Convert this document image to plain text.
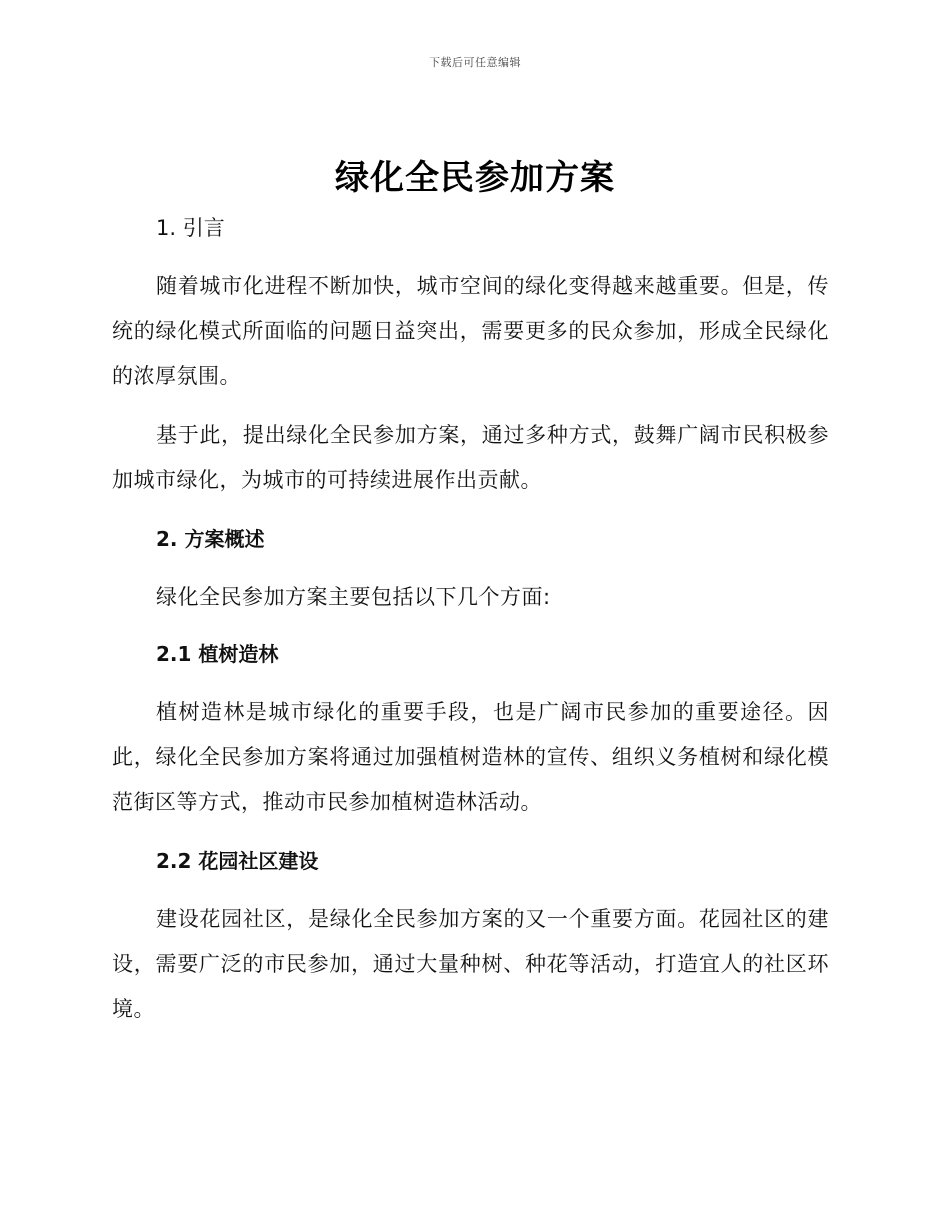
下载后可任意编辑
绿化全民参加方案
1. 引言

随着城市化进程不断加快，城市空间的绿化变得越来越重要。但是，传统的绿化模式所面临的问题日益突出，需要更多的民众参加，形成全民绿化的浓厚氛围。

基于此，提出绿化全民参加方案，通过多种方式，鼓舞广阔市民积极参加城市绿化，为城市的可持续进展作出贡献。

2. 方案概述

绿化全民参加方案主要包括以下几个方面:

2.1 植树造林

植树造林是城市绿化的重要手段，也是广阔市民参加的重要途径。因此，绿化全民参加方案将通过加强植树造林的宣传、组织义务植树和绿化模范街区等方式，推动市民参加植树造林活动。

2.2 花园社区建设

建设花园社区，是绿化全民参加方案的又一个重要方面。花园社区的建设，需要广泛的市民参加，通过大量种树、种花等活动，打造宜人的社区环境。
